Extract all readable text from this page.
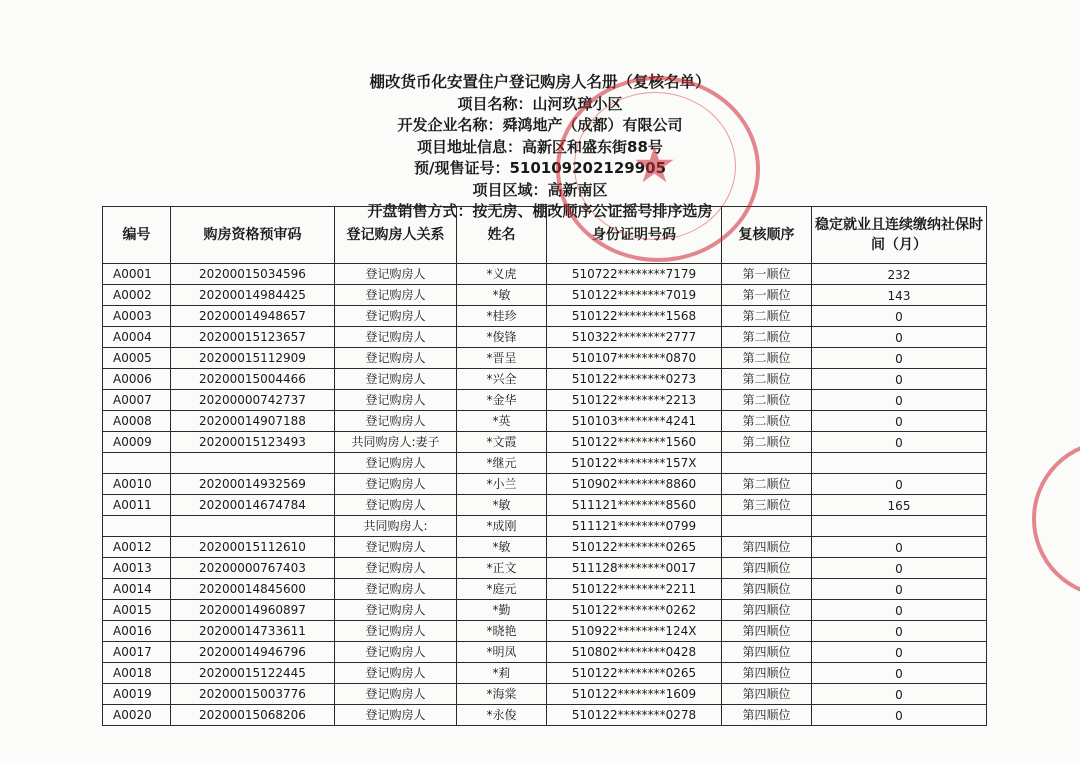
棚改货币化安置住户登记购房人名册（复核名单）
项目名称：山河玖璋小区
开发企业名称：舜鸿地产（成都）有限公司
项目地址信息：高新区和盛东街88号
预/现售证号：510109202129905
项目区域：高新南区
开盘销售方式：按无房、棚改顺序公证摇号排序选房
编号	购房资格预审码	登记购房人关系	姓名	身份证明号码	复核顺序	稳定就业且连续缴纳社保时间（月）
A0001	20200015034596	登记购房人	*义虎	510722********7179	第一顺位	232
A0002	20200014984425	登记购房人	*敏	510122********7019	第一顺位	143
A0003	20200014948657	登记购房人	*桂珍	510122********1568	第二顺位	0
A0004	20200015123657	登记购房人	*俊锋	510322********2777	第二顺位	0
A0005	20200015112909	登记购房人	*晋呈	510107********0870	第二顺位	0
A0006	20200015004466	登记购房人	*兴全	510122********0273	第二顺位	0
A0007	20200000742737	登记购房人	*金华	510122********2213	第二顺位	0
A0008	20200014907188	登记购房人	*英	510103********4241	第二顺位	0
A0009	20200015123493	共同购房人:妻子	*文霞	510122********1560	第二顺位	0
		登记购房人	*继元	510122********157X		
A0010	20200014932569	登记购房人	*小兰	510902********8860	第二顺位	0
A0011	20200014674784	登记购房人	*敏	511121********8560	第三顺位	165
		共同购房人:	*成刚	511121********0799		
A0012	20200015112610	登记购房人	*敏	510122********0265	第四顺位	0
A0013	20200000767403	登记购房人	*正文	511128********0017	第四顺位	0
A0014	20200014845600	登记购房人	*庭元	510122********2211	第四顺位	0
A0015	20200014960897	登记购房人	*勤	510122********0262	第四顺位	0
A0016	20200014733611	登记购房人	*晓艳	510922********124X	第四顺位	0
A0017	20200014946796	登记购房人	*明凤	510802********0428	第四顺位	0
A0018	20200015122445	登记购房人	*莉	510122********0265	第四顺位	0
A0019	20200015003776	登记购房人	*海棠	510122********1609	第四顺位	0
A0020	20200015068206	登记购房人	*永俊	510122********0278	第四顺位	0
★
